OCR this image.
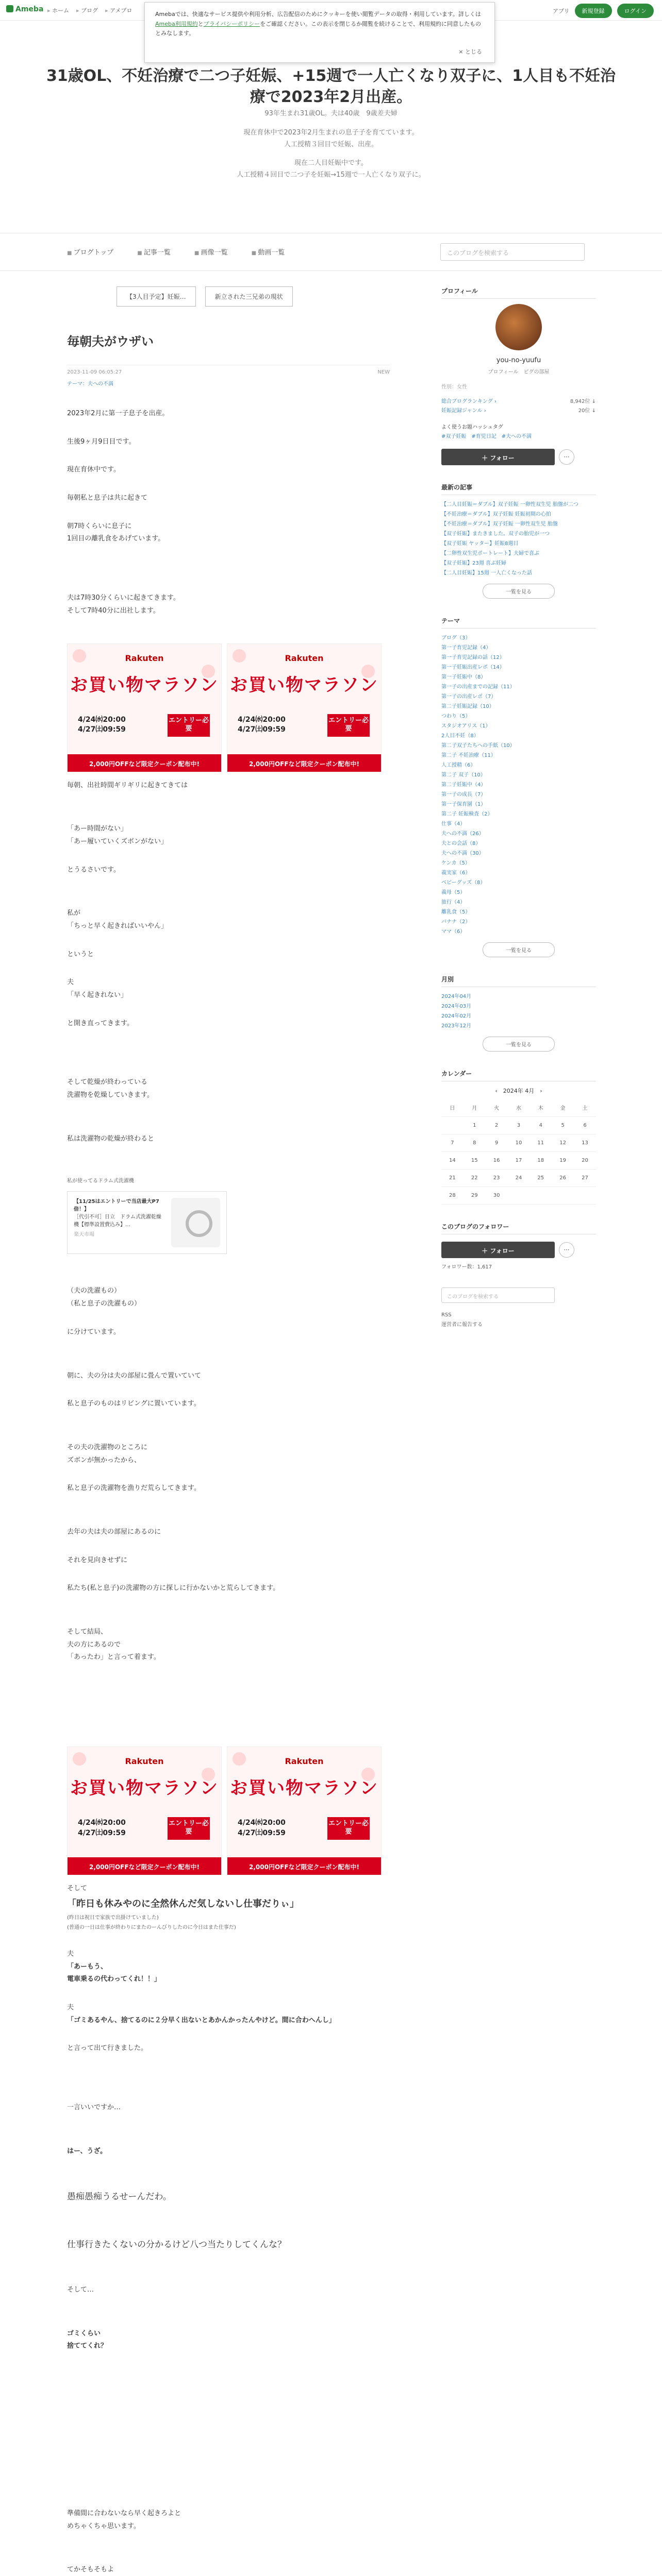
Ameba	▸ ホーム	▸ ブログ	▸ アメブロ	アプリ	新規登録	ログイン
Amebaでは、快適なサービス提供や利用分析、広告配信のためにクッキーを使い閲覧データの取得・利用しています。詳しくは Ameba利用規約とプライバシーポリシーをご確認ください。この表示を閉じるか閲覧を続けることで、利用規約に同意したものとみなします。
× とじる
31歳OL、不妊治療で二つ子妊娠、+15週で一人亡くなり双子に、1人目も不妊治療で2023年2月出産。
93年生まれ31歳OL。夫は40歳　9歳差夫婦
現在育休中で2023年2月生まれの息子子を育てています。
人工授精３回目で妊娠、出産。
現在二人目妊娠中です。
人工授精４回目で二つ子を妊娠→15週で一人亡くなり双子に。
■ ブログトップ	■ 記事一覧	■ 画像一覧	■ 動画一覧	このブログを検索する
【3人目予定】妊娠…	新立された三兄弟の現状
毎朝夫がウザい
2023-11-09 06:05:27	NEW
テーマ：夫への不満

2023年2月に第一子息子を出産。

生後9ヶ月9日目です。

現在育休中です。

毎朝私と息子は共に起きて

朝7時くらいに息子に
1回目の離乳食をあげています。

夫は7時30分くらいに起きてきます。
そして7時40分に出社します。

Rakuten
お買い物マラソン
4/24㈬20:00
4/27㈯09:59
エントリー必要
2,000円OFFなど限定クーポン配布中!
Rakuten
お買い物マラソン
4/24㈬20:00
4/27㈯09:59
エントリー必要
2,000円OFFなど限定クーポン配布中!

毎朝、出社時間ギリギリに起きてきては

「あー時間がない」

「あー履いていくズボンがない」

とうるさいです。

私が

「ちっと早く起きればいいやん」

というと

夫

「早く起きれない」

と開き直ってきます。

そして乾燥が終わっている
洗濯物を乾燥していきます。

私は洗濯物の乾燥が終わると

私が使ってるドラム式洗濯機

【11/25はエントリーで当店最大P7倍！】
［代引不可］日立　ドラム式洗濯乾燥機【標準設置費込み】…
楽天市場

（夫の洗濯もの）
（私と息子の洗濯もの）

に分けています。

朝に、夫の分は夫の部屋に畳んで置いていて

私と息子のものはリビングに置いています。

その夫の洗濯物のところに
ズボンが無かったから、

私と息子の洗濯物を漁りだ荒らしてきます。

去年の夫は夫の部屋にあるのに

それを見向きせずに

私たち(私と息子)の洗濯物の方に探しに行かないかと荒らしてきます。

そして結局、
夫の方にあるので
「あったわ」と言って着ます。

Rakuten
お買い物マラソン
4/24㈬20:00
4/27㈯09:59
エントリー必要
2,000円OFFなど限定クーポン配布中!
Rakuten
お買い物マラソン
4/24㈬20:00
4/27㈯09:59
エントリー必要
2,000円OFFなど限定クーポン配布中!

そして

「昨日も休みやのに全然休んだ気しないし仕事だりぃ」

(昨日は祝日で家族で出掛けていました)

(普通の一日は仕事が終わりにまたのーんびりしたのに今日はまた仕事だ)

夫

「あーもう、
電車乗るの代わってくれ！！」

夫

「ゴミあるやん、捨てるのに２分早く出ないとあかんかったんやけど。間に合わへんし」

と言って出て行きました。

一言いいですか…

はー、うざ。

愚痴愚痴うるせーんだわ。

仕事行きたくないの分かるけど八つ当たりしてくんな？

そして…

ゴミくらい
捨ててくれ？

準備間に合わないなら早く起きろよと
めちゃくちゃ思います。

てかそもそもよ

プロフィール
you-no-yuufu
プロフィール　 ピグの部屋
性別：女性
総合ブログランキング ›	8,942位 ↓
妊娠記録ジャンル ›	20位 ↓
よく使うお題ハッシュタグ
#双子妊娠　#育児日記　#夫への不満
＋ フォロー	···
最新の記事
【二人目妊娠＝ダブル】双子妊娠 一卵性双生児 胎盤が二つ
【不妊治療＝ダブル】双子妊娠 妊娠初期の心拍
【不妊治療＝ダブル】双子妊娠 一卵性双生児 胎盤
【双子妊娠】またきました。双子の胎児が一つ
【双子妊娠 ヤッター】妊娠8週目
【二卵性双生児ポートレート】夫婦で喜ぶ
【双子妊娠】23週 喜ぶ妊婦
【二人目妊娠】15週 一人亡くなった話
一覧を見る
テーマ
ブログ（3）
第一子育児記録（4）
第一子育児記録の話（12）
第一子妊娠出産レポ（14）
第一子妊娠中（8）
第一子の出産までの記録（11）
第一子の出産レポ（7）
第二子妊娠記録（10）
つわり（5）
スタジオアリス（1）
2人目不妊（8）
第二子双子たちへの手紙（10）
第二子 不妊治療（11）
人工授精（6）
第二子 双子（10）
第二子妊娠中（4）
第一子の成長（7）
第一子保育園（1）
第二子 妊娠検査（2）
仕事（4）
夫への不満（26）
夫との会話（8）
夫への不満（30）
ケンカ（5）
義実家（6）
ベビーグッズ（8）
義母（5）
旅行（4）
離乳食（5）
バナナ（2）
ママ（6）
一覧を見る
月別
2024年04月
2024年03月
2024年02月
2023年12月
一覧を見る
カレンダー
‹　 2024年 4月　 ›
日	月	火	水	木	金	土
	1	2	3	4	5	6
7	8	9	10	11	12	13
14	15	16	17	18	19	20
21	22	23	24	25	26	27
28	29	30				
このブログのフォロワー
＋ フォロー	···
フォロワー数：1,617
このブログを検索する
RSS
運営者に報告する
